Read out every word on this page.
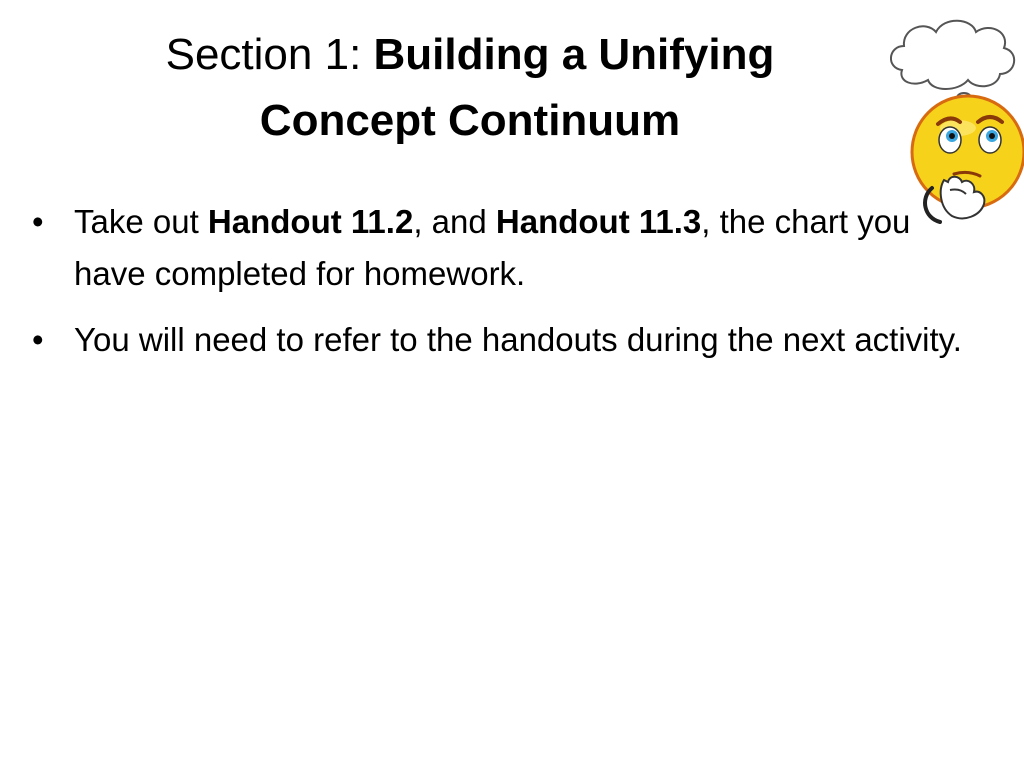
Section 1: Building a Unifying
Concept Continuum
• Take out Handout 11.2, and Handout 11.3, the chart you have completed for homework.
• You will need to refer to the handouts during the next activity.
